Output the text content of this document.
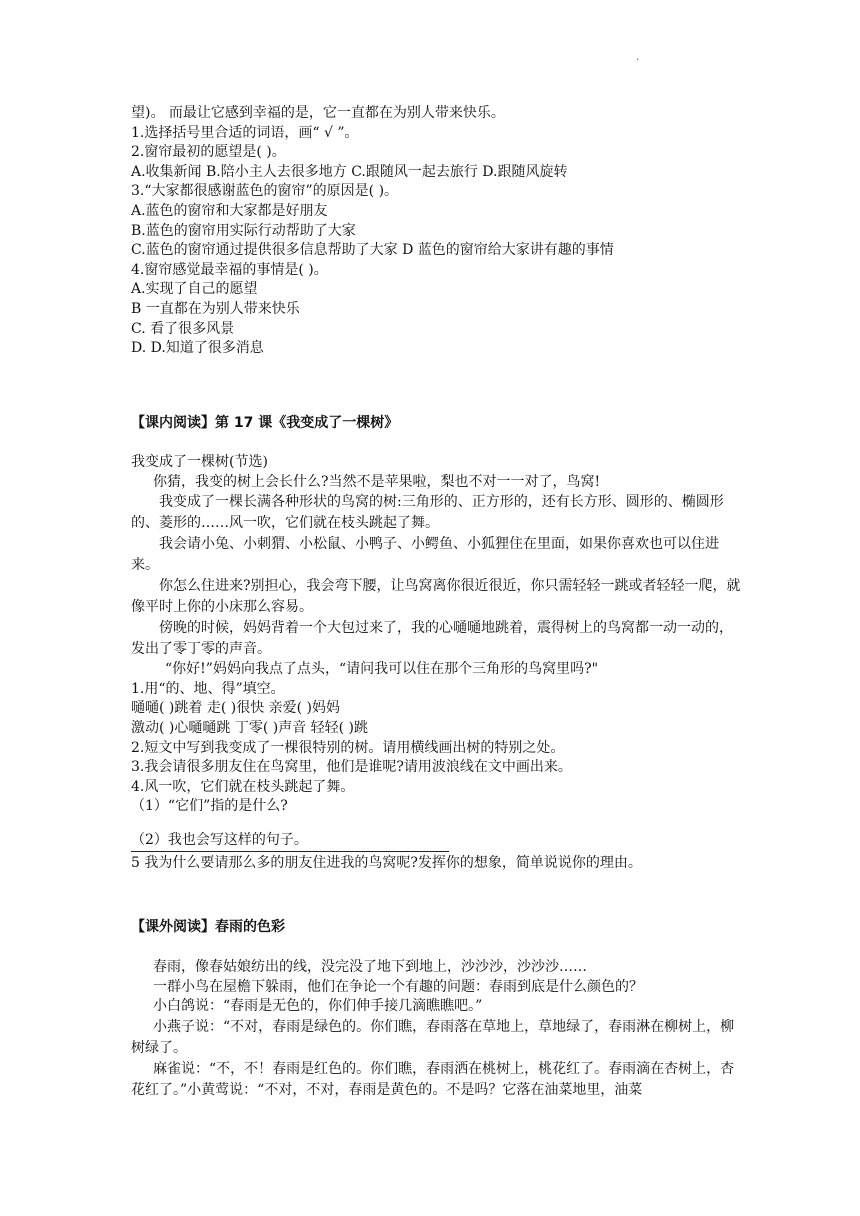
.
望)。 而最让它感到幸福的是，它一直都在为别人带来快乐。
1.选择括号里合适的词语，画“ √ ”。
2.窗帘最初的愿望是( )。
A.收集新闻 B.陪小主人去很多地方 C.跟随风一起去旅行 D.跟随风旋转
3.“大家都很感谢蓝色的窗帘”的原因是( )。
A.蓝色的窗帘和大家都是好朋友
B.蓝色的窗帘用实际行动帮助了大家
C.蓝色的窗帘通过提供很多信息帮助了大家 D 蓝色的窗帘给大家讲有趣的事情
4.窗帘感觉最幸福的事情是( )。
A.实现了自己的愿望
B 一直都在为别人带来快乐
C. 看了很多风景
D. D.知道了很多消息
【课内阅读】第 17 课《我变成了一棵树》
我变成了一棵树(节选)
你猜，我变的树上会长什么?当然不是苹果啦，梨也不对一一对了，鸟窝!

我变成了一棵长满各种形状的鸟窝的树:三角形的、正方形的，还有长方形、圆形的、椭圆形的、菱形的……风一吹，它们就在枝头跳起了舞。

我会请小兔、小刺猬、小松鼠、小鸭子、小鳄鱼、小狐狸住在里面，如果你喜欢也可以住进来。

你怎么住进来?别担心，我会弯下腰，让鸟窝离你很近很近，你只需轻轻一跳或者轻轻一爬，就像平时上你的小床那么容易。

傍晚的时候，妈妈背着一个大包过来了，我的心嗵嗵地跳着，震得树上的鸟窝都一动一动的，发出了零丁零的声音。

“你好!”妈妈向我点了点头，“请问我可以住在那个三角形的鸟窝里吗?"
1.用“的、地、得”填空。
嗵嗵( )跳着 走( )很快 亲爱( )妈妈
激动( )心嗵嗵跳 丁零( )声音 轻轻( )跳
2.短文中写到我变成了一棵很特别的树。请用横线画出树的特别之处。
3.我会请很多朋友住在鸟窝里，他们是谁呢?请用波浪线在文中画出来。
4.风一吹，它们就在枝头跳起了舞。
（1）“它们”指的是什么?
（2）我也会写这样的句子。
5 我为什么要请那么多的朋友住进我的鸟窝呢?发挥你的想象，简单说说你的理由。
【课外阅读】春雨的色彩
春雨，像春姑娘纺出的线，没完没了地下到地上，沙沙沙，沙沙沙……
一群小鸟在屋檐下躲雨，他们在争论一个有趣的问题：春雨到底是什么颜色的？
小白鸽说：“春雨是无色的，你们伸手接几滴瞧瞧吧。”

小燕子说：“不对，春雨是绿色的。你们瞧，春雨落在草地上，草地绿了，春雨淋在柳树上，柳树绿了。

麻雀说：“不，不！春雨是红色的。你们瞧，春雨洒在桃树上，桃花红了。春雨滴在杏树上，杏花红了。”小黄莺说：“不对，不对，春雨是黄色的。不是吗？它落在油菜地里，油菜
